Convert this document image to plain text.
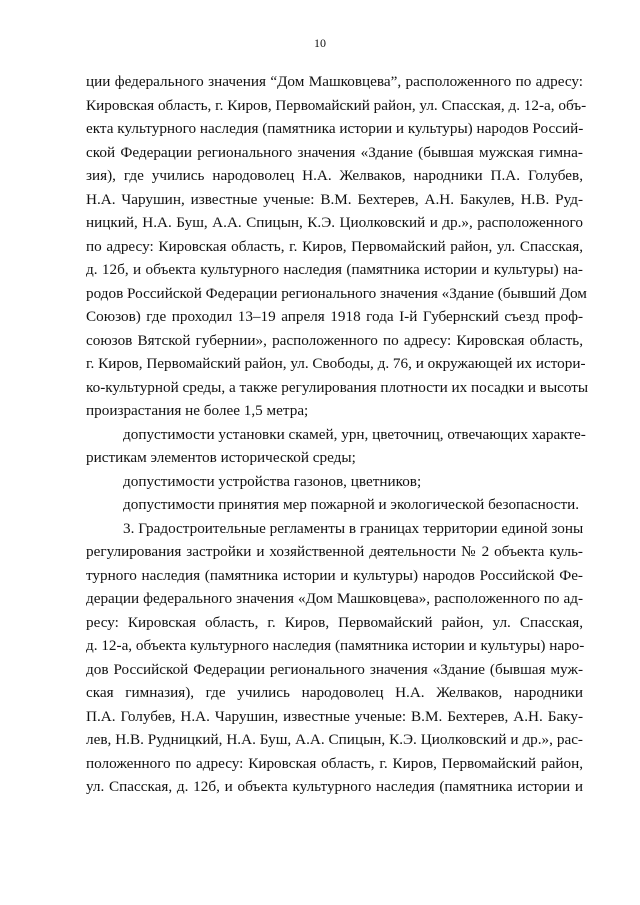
10
ции федерального значения “Дом Машковцева”, расположенного по адресу:
Кировская область, г. Киров, Первомайский район, ул. Спасская, д. 12-а, объ-
екта культурного наследия (памятника истории и культуры) народов Россий-
ской Федерации регионального значения «Здание (бывшая мужская гимна-
зия), где учились народоволец Н.А. Желваков, народники П.А. Голубев,
Н.А. Чарушин, известные ученые: В.М. Бехтерев, А.Н. Бакулев, Н.В. Руд-
ницкий, Н.А. Буш, А.А. Спицын, К.Э. Циолковский и др.», расположенного
по адресу: Кировская область, г. Киров, Первомайский район, ул. Спасская,
д. 12б, и объекта культурного наследия (памятника истории и культуры) на-
родов Российской Федерации регионального значения «Здание (бывший Дом
Союзов) где проходил 13–19 апреля 1918 года I-й Губернский съезд проф-
союзов Вятской губернии», расположенного по адресу: Кировская область,
г. Киров, Первомайский район, ул. Свободы, д. 76, и окружающей их истори-
ко-культурной среды, а также регулирования плотности их посадки и высоты
произрастания не более 1,5 метра;
допустимости установки скамей, урн, цветочниц, отвечающих характе-
ристикам элементов исторической среды;
допустимости устройства газонов, цветников;
допустимости принятия мер пожарной и экологической безопасности.
3. Градостроительные регламенты в границах территории единой зоны
регулирования застройки и хозяйственной деятельности № 2 объекта куль-
турного наследия (памятника истории и культуры) народов Российской Фе-
дерации федерального значения «Дом Машковцева», расположенного по ад-
ресу: Кировская область, г. Киров, Первомайский район, ул. Спасская,
д. 12-а, объекта культурного наследия (памятника истории и культуры) наро-
дов Российской Федерации регионального значения «Здание (бывшая муж-
ская гимназия), где учились народоволец Н.А. Желваков, народники
П.А. Голубев, Н.А. Чарушин, известные ученые: В.М. Бехтерев, А.Н. Баку-
лев, Н.В. Рудницкий, Н.А. Буш, А.А. Спицын, К.Э. Циолковский и др.», рас-
положенного по адресу: Кировская область, г. Киров, Первомайский район,
ул. Спасская, д. 12б, и объекта культурного наследия (памятника истории и
